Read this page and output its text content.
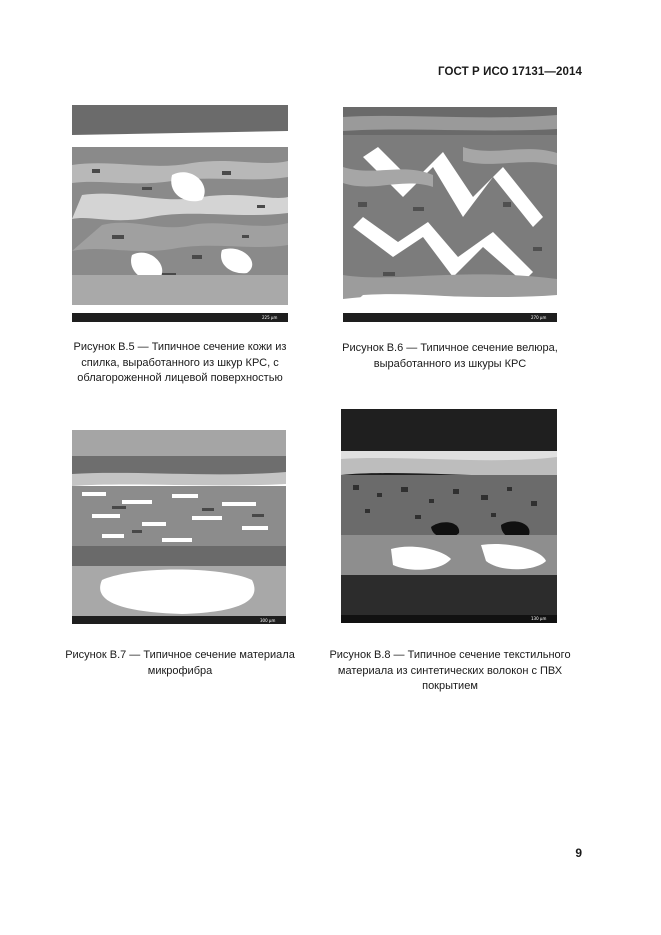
ГОСТ Р ИСО 17131—2014
225 µm
Рисунок В.5 — Типичное сечение кожи из спилка, выработанного из шкур КРС, с облагороженной лицевой поверхностью
270 µm
Рисунок В.6 — Типичное сечение велюра, выработанного из шкуры КРС
300 µm
Рисунок В.7 — Типичное сечение материала микрофибра
130 µm
Рисунок В.8 — Типичное сечение текстильного материала из синтетических волокон с ПВХ покрытием
9
